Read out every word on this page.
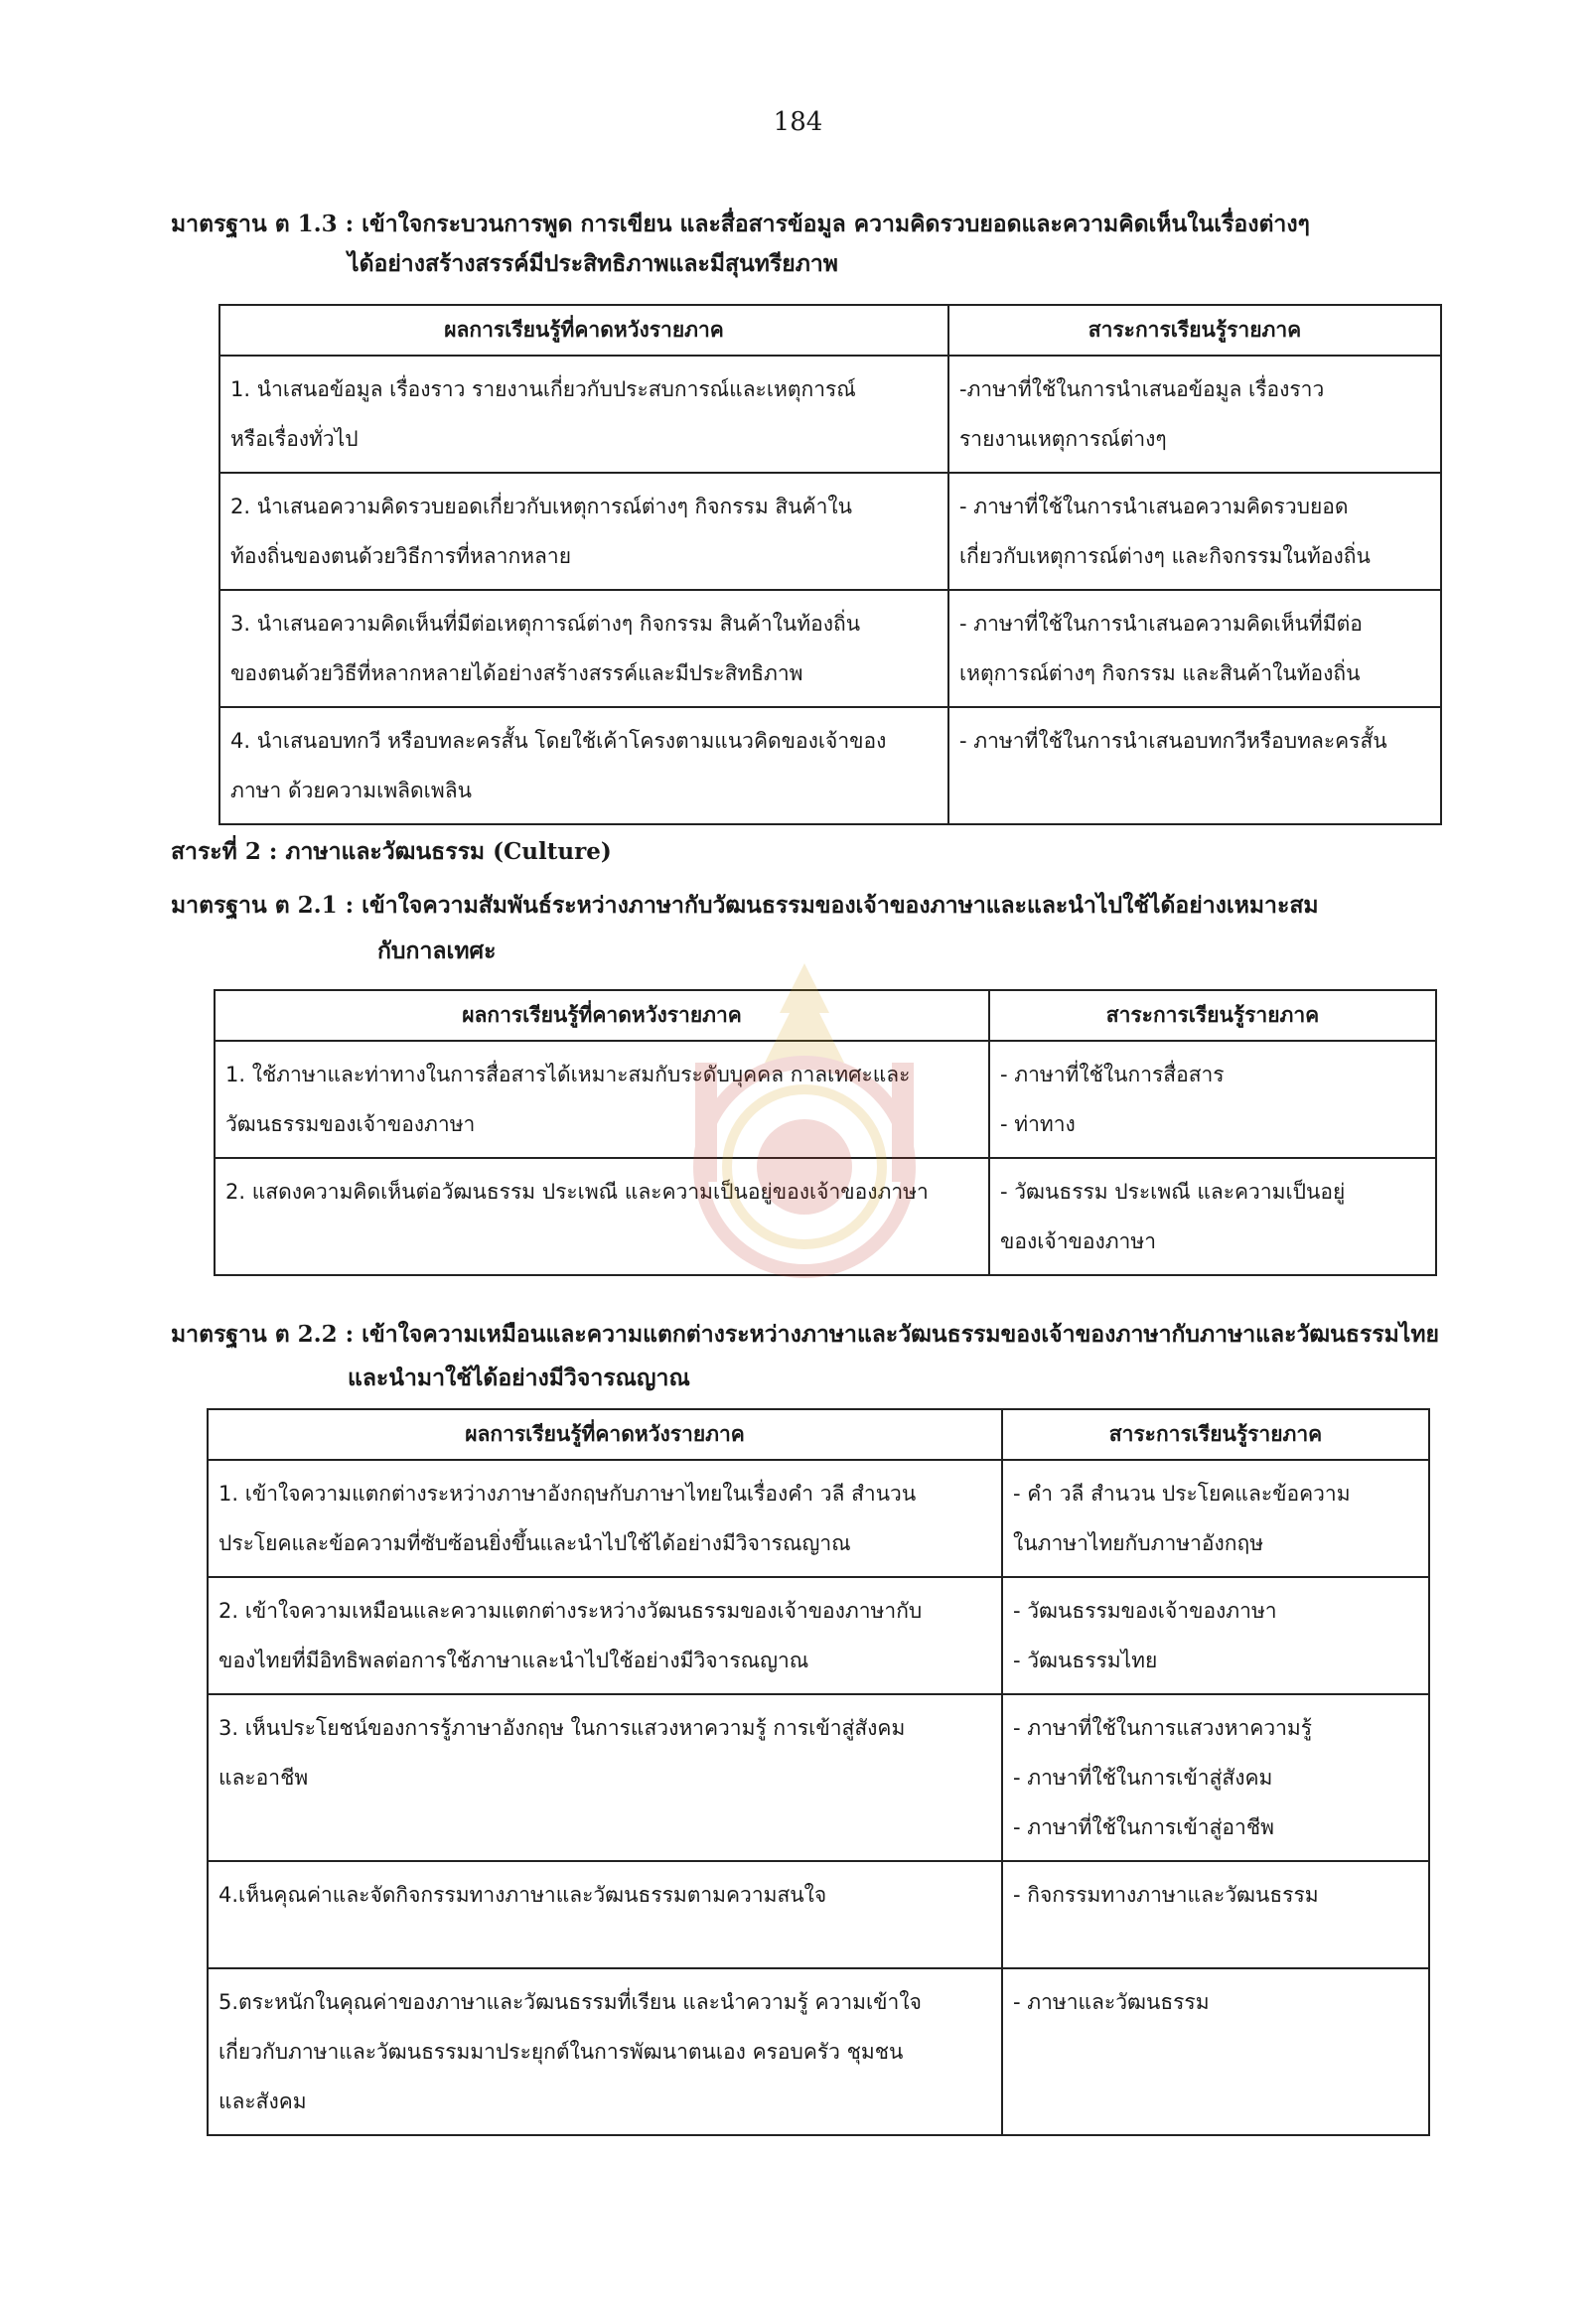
184
มาตรฐาน ต 1.3 : เข้าใจกระบวนการพูด การเขียน และสื่อสารข้อมูล ความคิดรวบยอดและความคิดเห็นในเรื่องต่างๆ
ได้อย่างสร้างสรรค์มีประสิทธิภาพและมีสุนทรียภาพ
ผลการเรียนรู้ที่คาดหวังรายภาค	สาระการเรียนรู้รายภาค

1. นำเสนอข้อมูล เรื่องราว รายงานเกี่ยวกับประสบการณ์และเหตุการณ์
หรือเรื่องทั่วไป	-ภาษาที่ใช้ในการนำเสนอข้อมูล เรื่องราว
รายงานเหตุการณ์ต่างๆ

2. นำเสนอความคิดรวบยอดเกี่ยวกับเหตุการณ์ต่างๆ กิจกรรม สินค้าใน
ท้องถิ่นของตนด้วยวิธีการที่หลากหลาย	- ภาษาที่ใช้ในการนำเสนอความคิดรวบยอด
เกี่ยวกับเหตุการณ์ต่างๆ และกิจกรรมในท้องถิ่น

3. นำเสนอความคิดเห็นที่มีต่อเหตุการณ์ต่างๆ กิจกรรม สินค้าในท้องถิ่น
ของตนด้วยวิธีที่หลากหลายได้อย่างสร้างสรรค์และมีประสิทธิภาพ	- ภาษาที่ใช้ในการนำเสนอความคิดเห็นที่มีต่อ
เหตุการณ์ต่างๆ กิจกรรม และสินค้าในท้องถิ่น

4. นำเสนอบทกวี หรือบทละครสั้น โดยใช้เค้าโครงตามแนวคิดของเจ้าของ
ภาษา ด้วยความเพลิดเพลิน	- ภาษาที่ใช้ในการนำเสนอบทกวีหรือบทละครสั้น
สาระที่ 2 : ภาษาและวัฒนธรรม (Culture)
มาตรฐาน ต 2.1 : เข้าใจความสัมพันธ์ระหว่างภาษากับวัฒนธรรมของเจ้าของภาษาและและนำไปใช้ได้อย่างเหมาะสม
กับกาลเทศะ
ผลการเรียนรู้ที่คาดหวังรายภาค	สาระการเรียนรู้รายภาค

1. ใช้ภาษาและท่าทางในการสื่อสารได้เหมาะสมกับระดับบุคคล กาลเทศะและ
วัฒนธรรมของเจ้าของภาษา	- ภาษาที่ใช้ในการสื่อสาร
- ท่าทาง

2. แสดงความคิดเห็นต่อวัฒนธรรม ประเพณี และความเป็นอยู่ของเจ้าของภาษา	- วัฒนธรรม ประเพณี และความเป็นอยู่
ของเจ้าของภาษา
มาตรฐาน ต 2.2 : เข้าใจความเหมือนและความแตกต่างระหว่างภาษาและวัฒนธรรมของเจ้าของภาษากับภาษาและวัฒนธรรมไทย
และนำมาใช้ได้อย่างมีวิจารณญาณ
ผลการเรียนรู้ที่คาดหวังรายภาค	สาระการเรียนรู้รายภาค

1. เข้าใจความแตกต่างระหว่างภาษาอังกฤษกับภาษาไทยในเรื่องคำ วลี สำนวน
ประโยคและข้อความที่ซับซ้อนยิ่งขึ้นและนำไปใช้ได้อย่างมีวิจารณญาณ	- คำ วลี สำนวน ประโยคและข้อความ
ในภาษาไทยกับภาษาอังกฤษ

2. เข้าใจความเหมือนและความแตกต่างระหว่างวัฒนธรรมของเจ้าของภาษากับ
ของไทยที่มีอิทธิพลต่อการใช้ภาษาและนำไปใช้อย่างมีวิจารณญาณ	- วัฒนธรรมของเจ้าของภาษา
- วัฒนธรรมไทย

3. เห็นประโยชน์ของการรู้ภาษาอังกฤษ ในการแสวงหาความรู้ การเข้าสู่สังคม
และอาชีพ	- ภาษาที่ใช้ในการแสวงหาความรู้
- ภาษาที่ใช้ในการเข้าสู่สังคม
- ภาษาที่ใช้ในการเข้าสู่อาชีพ

4.เห็นคุณค่าและจัดกิจกรรมทางภาษาและวัฒนธรรมตามความสนใจ	- กิจกรรมทางภาษาและวัฒนธรรม

5.ตระหนักในคุณค่าของภาษาและวัฒนธรรมที่เรียน และนำความรู้ ความเข้าใจ
เกี่ยวกับภาษาและวัฒนธรรมมาประยุกต์ในการพัฒนาตนเอง ครอบครัว ชุมชน
และสังคม	- ภาษาและวัฒนธรรม
